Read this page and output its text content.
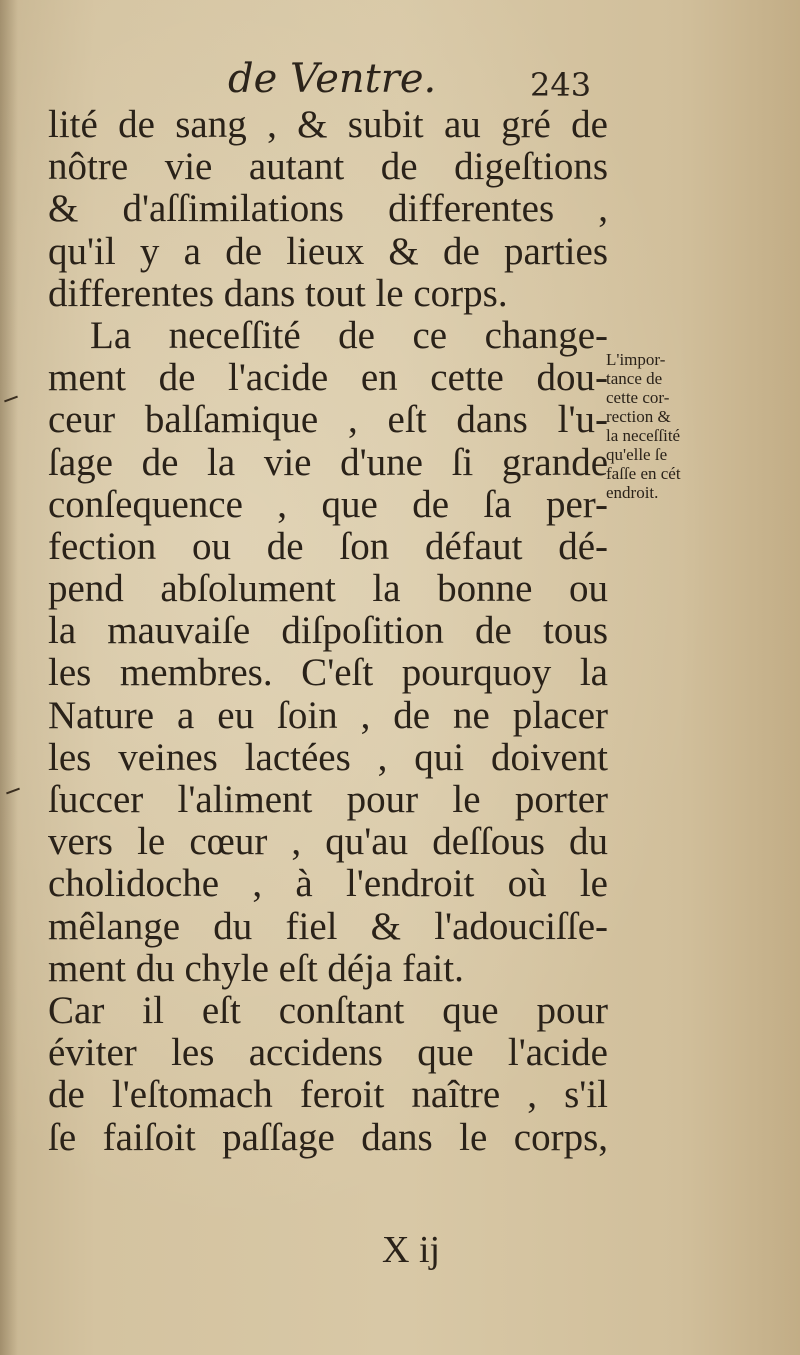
de Ventre.	243
lité de sang , & subit au gré de
nôtre vie autant de digeſtions
& d'aſſimilations differentes ,
qu'il y a de lieux & de parties
differentes dans tout le corps.
La neceſſité de ce change-
ment de l'acide en cette dou-
ceur balſamique , eſt dans l'u-
ſage de la vie d'une ſi grande
conſequence , que de ſa per-
fection ou de ſon défaut dé-
pend abſolument la bonne ou
la mauvaiſe diſpoſition de tous
les membres. C'eſt pourquoy la
Nature a eu ſoin , de ne placer
les veines lactées , qui doivent
ſuccer l'aliment pour le porter
vers le cœur , qu'au deſſous du
cholidoche , à l'endroit où le
mêlange du fiel & l'adouciſſe-
ment du chyle eſt déja fait.
Car il eſt conſtant que pour
éviter les accidens que l'acide
de l'eſtomach feroit naître , s'il
ſe faiſoit paſſage dans le corps,
L'impor-
tance de
cette cor-
rection &
la neceſſité
qu'elle ſe
faſſe en cét
endroit.
X ij
